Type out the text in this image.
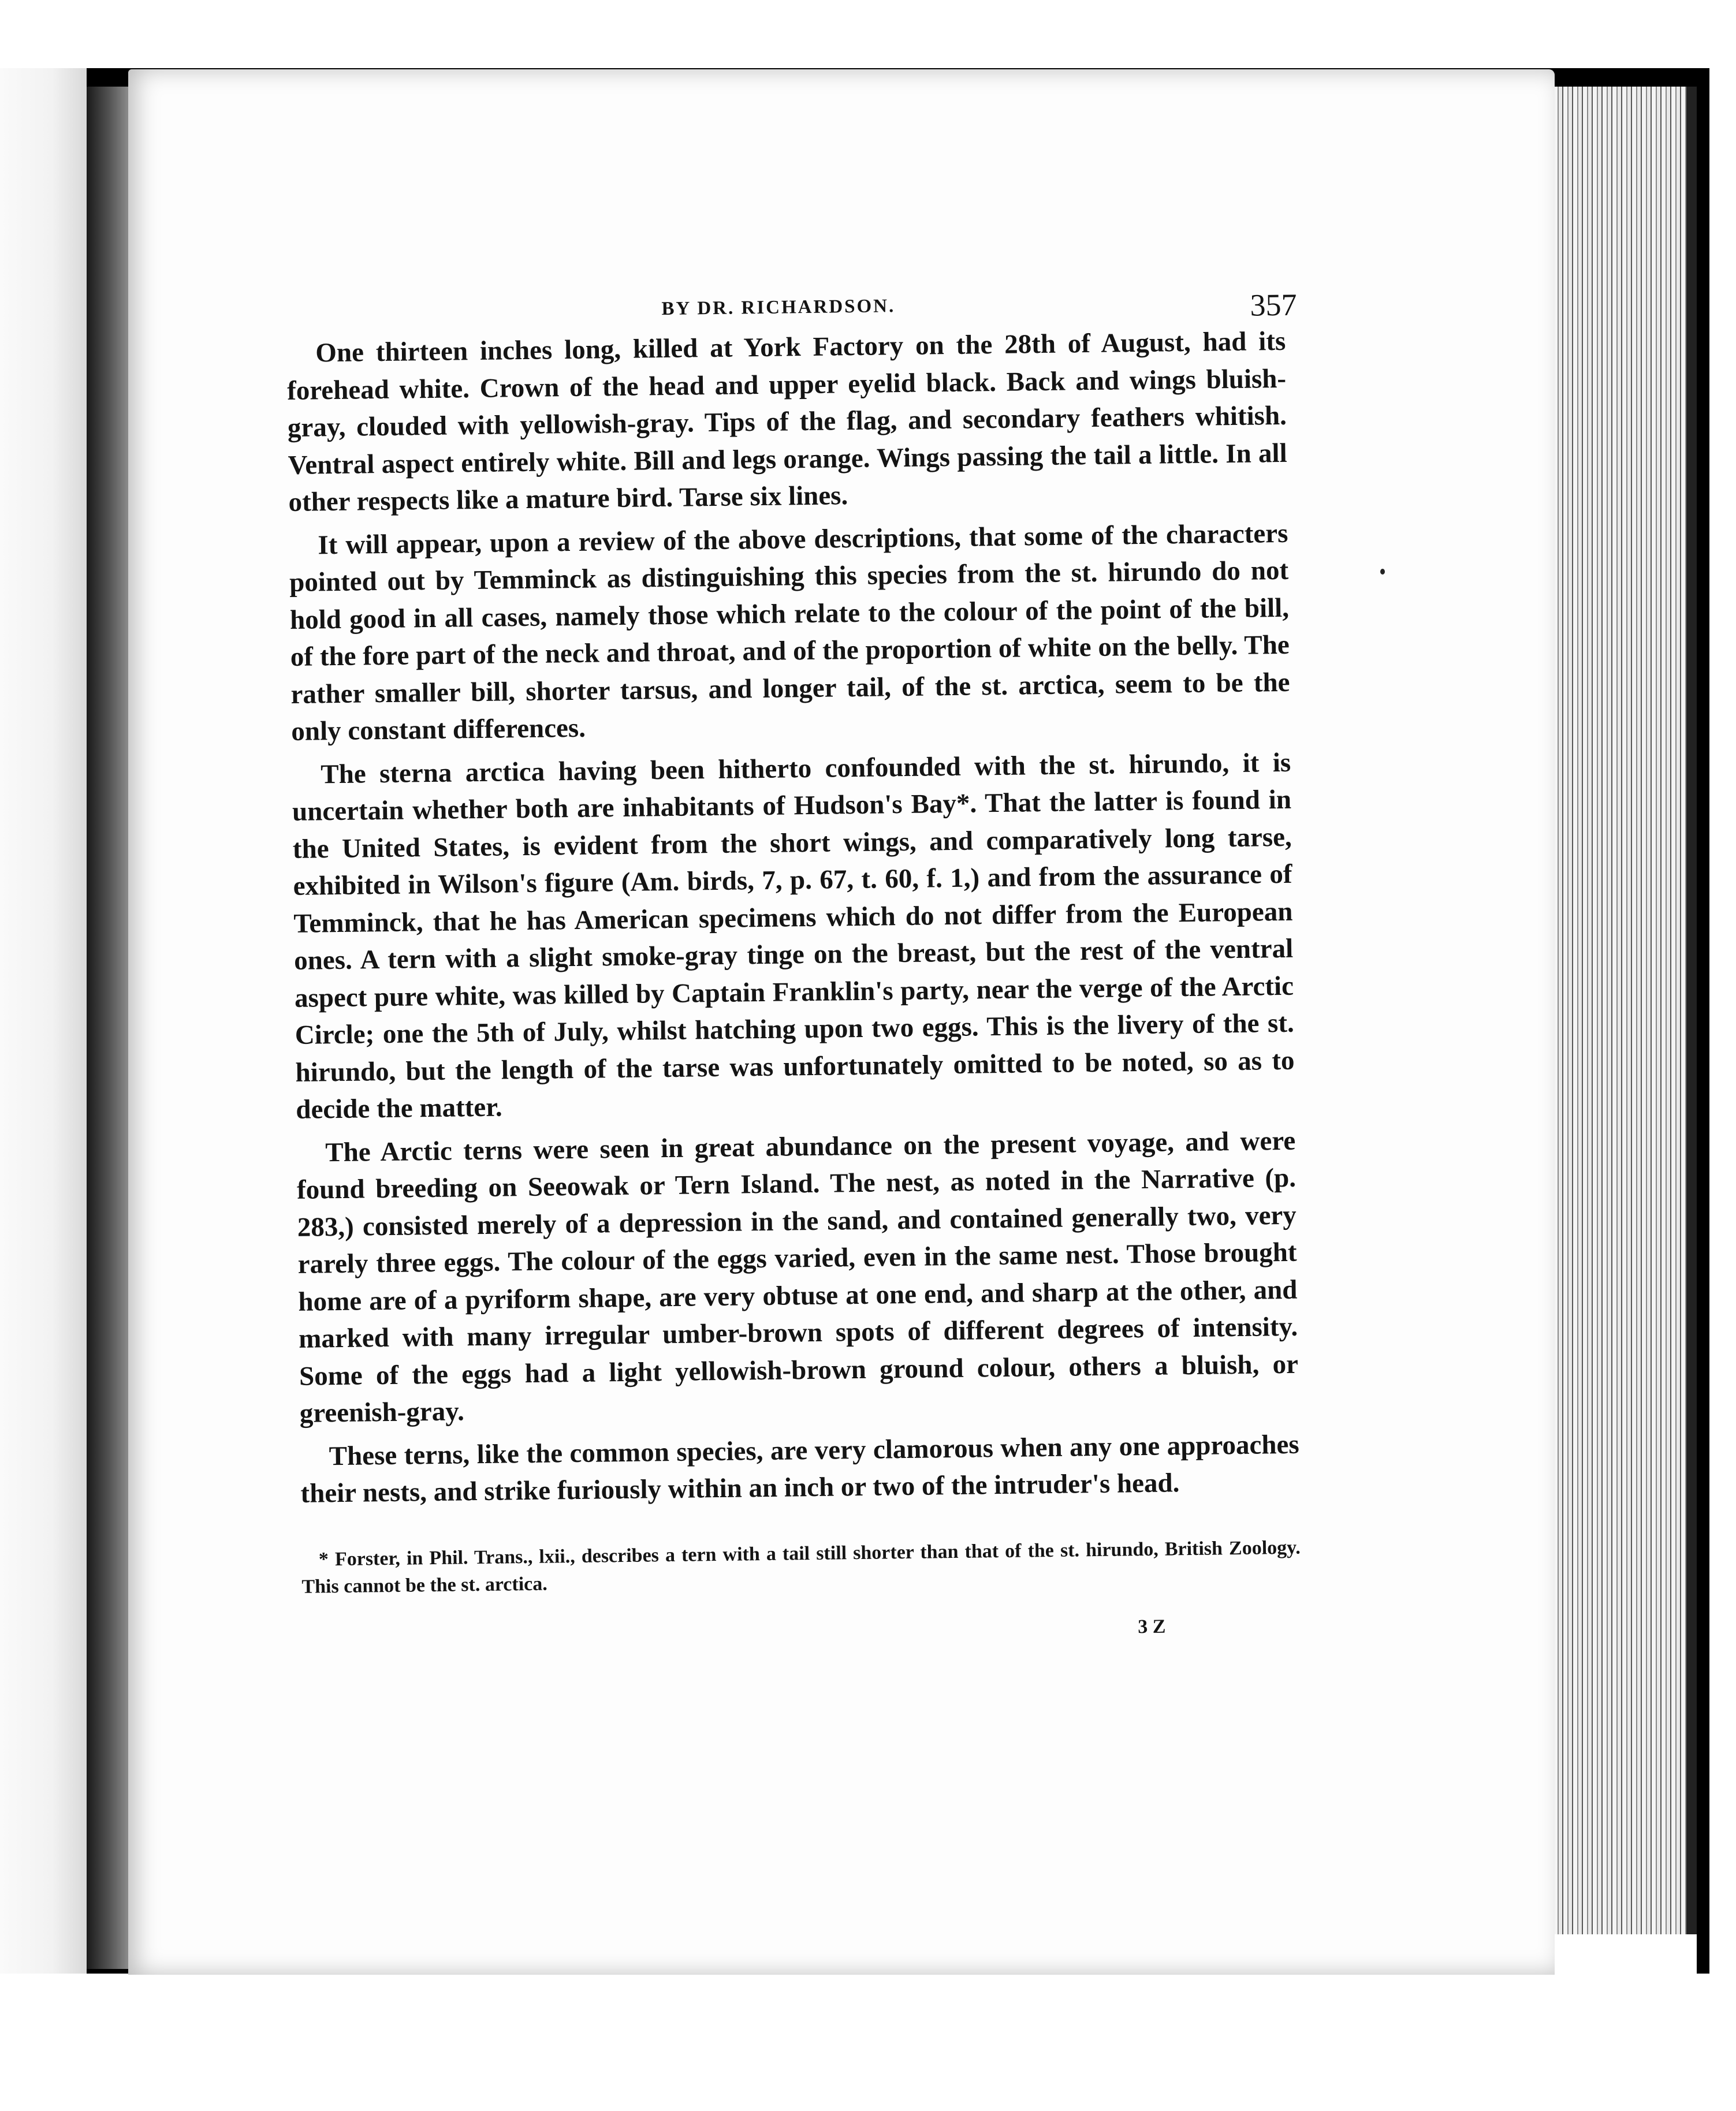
BY DR. RICHARDSON.	357

One thirteen inches long, killed at York Factory on the 28th of August, had its forehead white. Crown of the head and upper eyelid black. Back and wings bluish-gray, clouded with yellowish-gray. Tips of the flag, and secondary feathers whitish. Ventral aspect entirely white. Bill and legs orange. Wings passing the tail a little. In all other respects like a mature bird. Tarse six lines.

It will appear, upon a review of the above descriptions, that some of the characters pointed out by Temminck as distinguishing this species from the st. hirundo do not hold good in all cases, namely those which relate to the colour of the point of the bill, of the fore part of the neck and throat, and of the proportion of white on the belly. The rather smaller bill, shorter tarsus, and longer tail, of the st. arctica, seem to be the only constant differences.

The sterna arctica having been hitherto confounded with the st. hirundo, it is uncertain whether both are inhabitants of Hudson's Bay*. That the latter is found in the United States, is evident from the short wings, and comparatively long tarse, exhibited in Wilson's figure (Am. birds, 7, p. 67, t. 60, f. 1,) and from the assurance of Temminck, that he has American specimens which do not differ from the European ones. A tern with a slight smoke-gray tinge on the breast, but the rest of the ventral aspect pure white, was killed by Captain Franklin's party, near the verge of the Arctic Circle; one the 5th of July, whilst hatching upon two eggs. This is the livery of the st. hirundo, but the length of the tarse was unfortunately omitted to be noted, so as to decide the matter.

The Arctic terns were seen in great abundance on the present voyage, and were found breeding on Seeowak or Tern Island. The nest, as noted in the Narrative (p. 283,) consisted merely of a depression in the sand, and contained generally two, very rarely three eggs. The colour of the eggs varied, even in the same nest. Those brought home are of a pyriform shape, are very obtuse at one end, and sharp at the other, and marked with many irregular umber-brown spots of different degrees of intensity. Some of the eggs had a light yellowish-brown ground colour, others a bluish, or greenish-gray.

These terns, like the common species, are very clamorous when any one approaches their nests, and strike furiously within an inch or two of the intruder's head.

* Forster, in Phil. Trans., lxii., describes a tern with a tail still shorter than that of the st. hirundo, British Zoology. This cannot be the st. arctica.
3 Z
